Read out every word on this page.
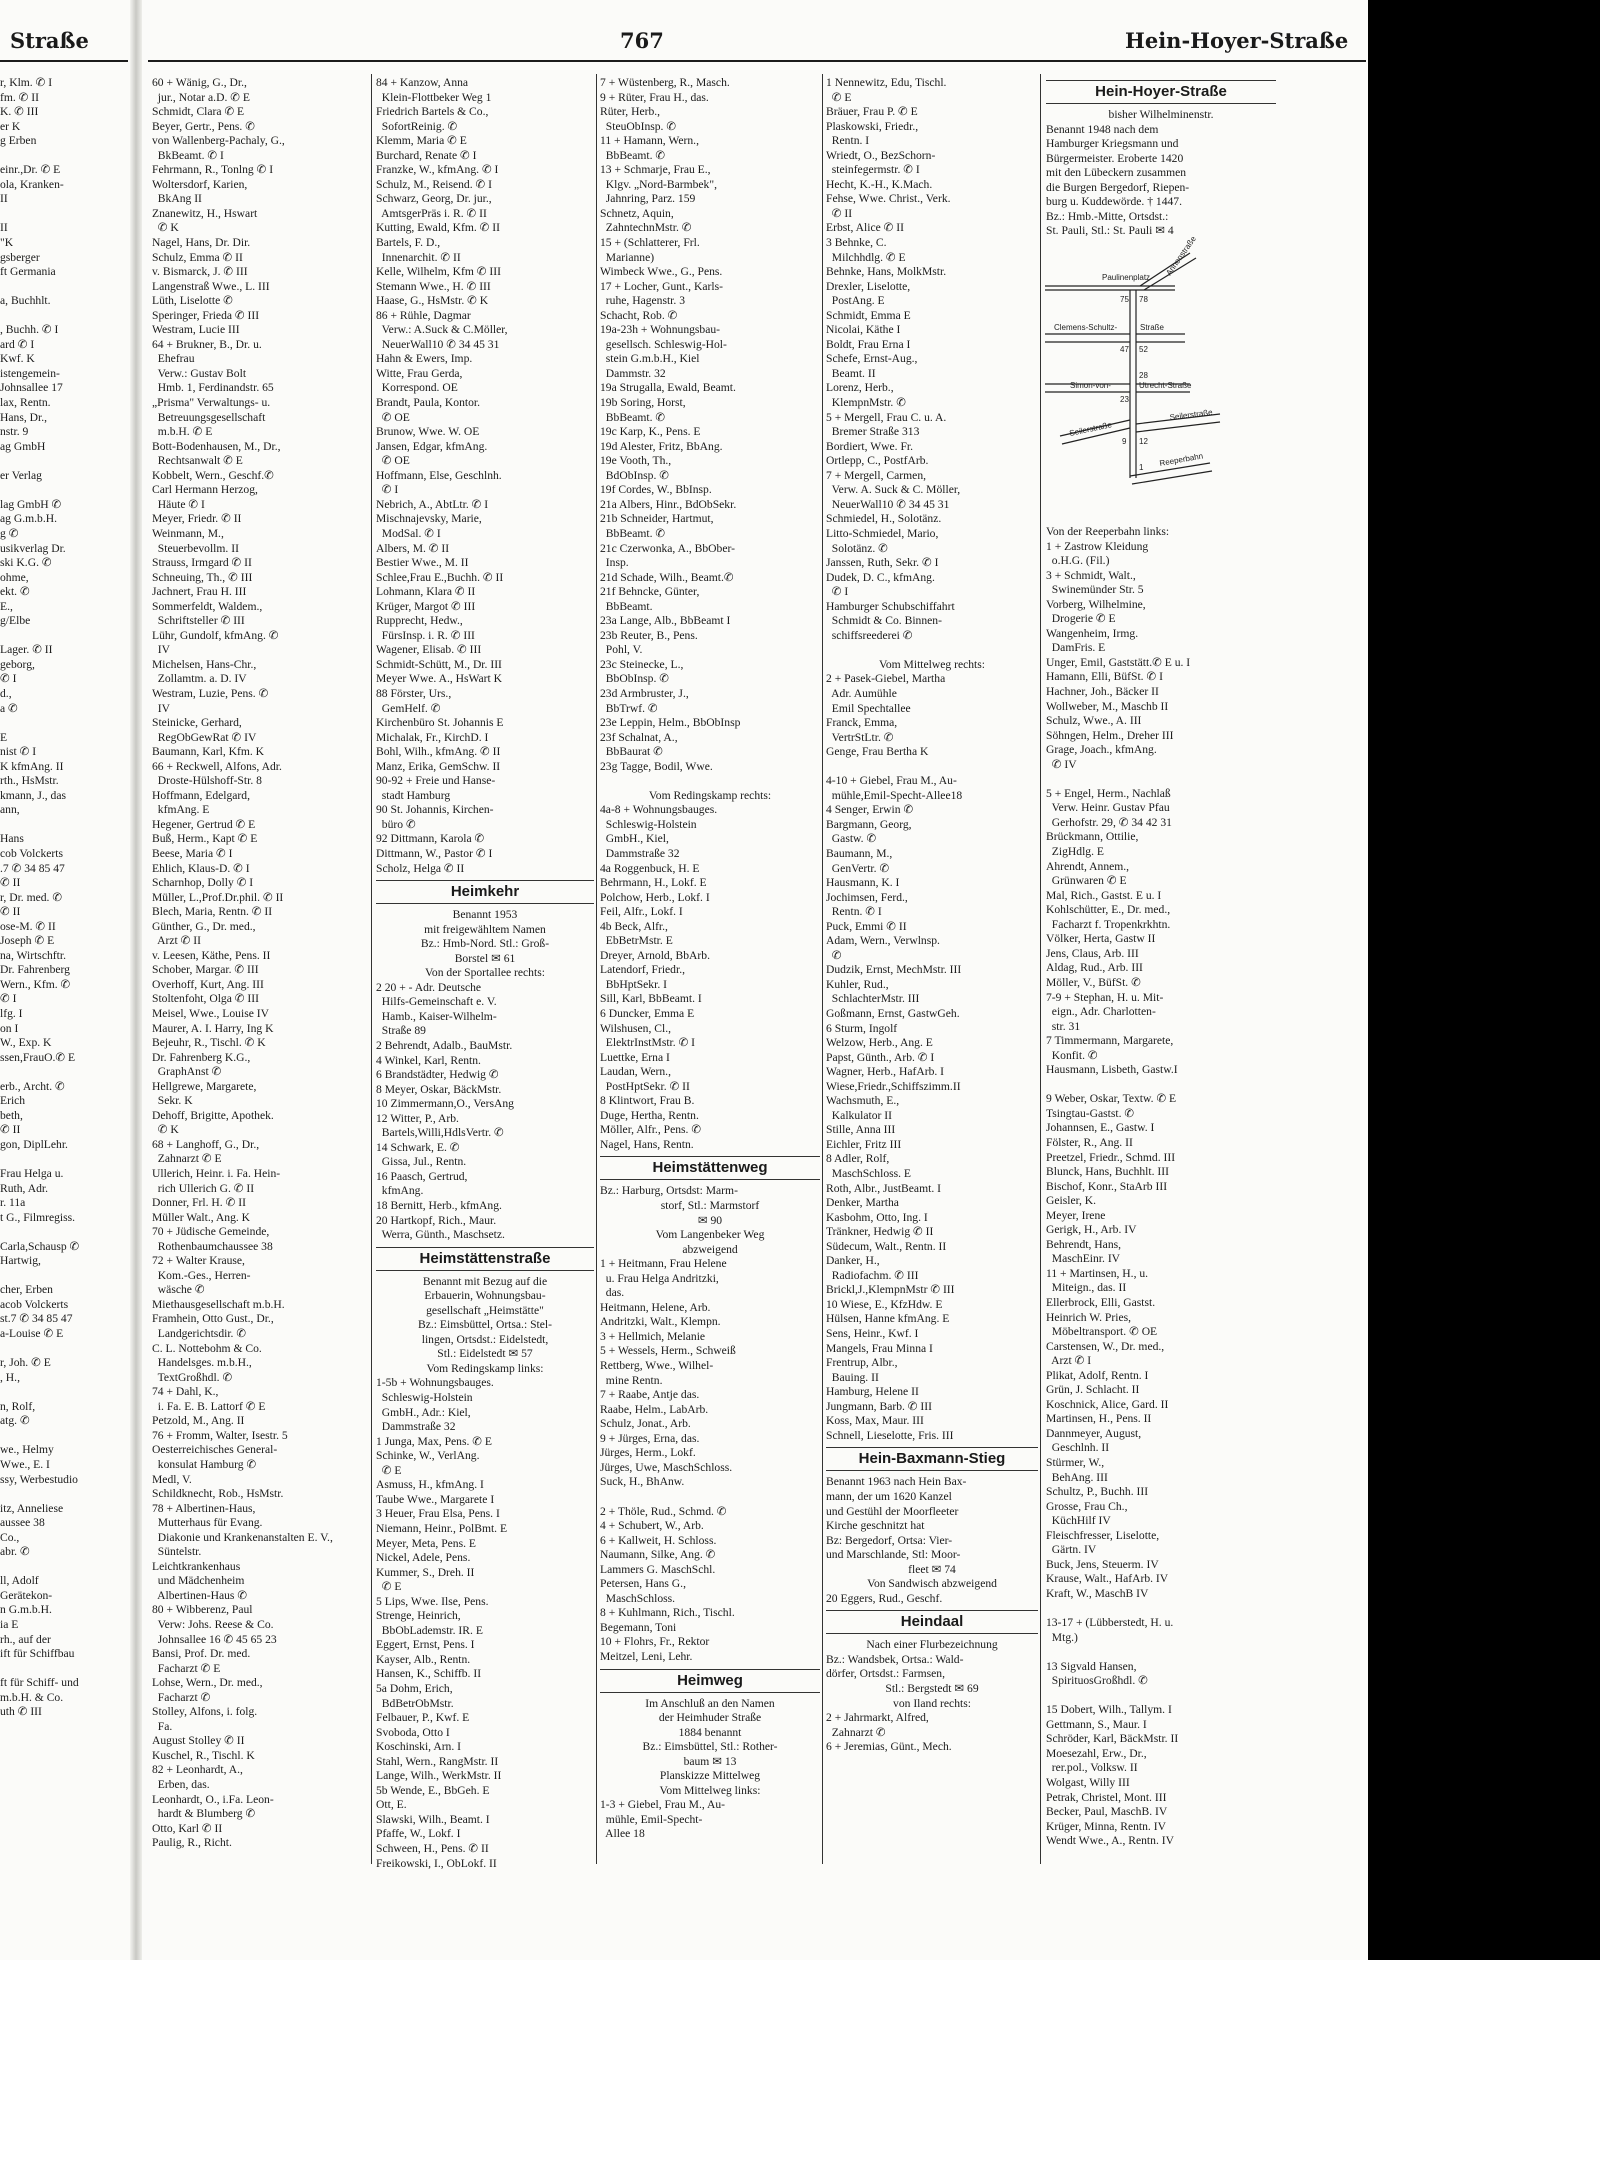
Straße	767	Hein-Hoyer-Straße
r, Klm. ✆ I
fm. ✆ II
K. ✆ III
er K
g Erben
einr.,Dr. ✆ E
ola, Kranken-
II
II
"K
gsberger
ft Germania
a, Buchhlt.
, Buchh. ✆ I
ard ✆ I
Kwf. K
istengemein-
Johnsallee 17
lax, Rentn.
Hans, Dr.,
nstr. 9
ag GmbH
er Verlag
lag GmbH ✆
ag G.m.b.H.
g ✆
usikverlag Dr.
ski K.G. ✆
ohme,
ekt. ✆
E.,
g/Elbe
Lager. ✆ II
geborg,
✆ I
d.,
a ✆
E
nist ✆ I
K kfmAng. II
rth., HsMstr.
kmann, J., das
ann,
Hans
cob Volckerts
.7 ✆ 34 85 47
✆ II
r, Dr. med. ✆
✆ II
ose-M. ✆ II
Joseph ✆ E
na, Wirtschftr.
Dr. Fahrenberg
Wern., Kfm. ✆
✆ I
lfg. I
on I
W., Exp. K
ssen,FrauO.✆ E
erb., Archt. ✆
Erich
beth,
✆ II
gon, DiplLehr.
Frau Helga u.
Ruth, Adr.
r. 11a
t G., Filmregiss.
Carla,Schausp ✆
Hartwig,
cher, Erben
acob Volckerts
st.7 ✆ 34 85 47
a-Louise ✆ E
r, Joh. ✆ E
, H.,
n, Rolf,
atg. ✆
we., Helmy
Wwe., E. I
ssy, Werbestudio
itz, Anneliese
aussee 38
Co.,
abr. ✆
ll, Adolf
Gerätekon-
n G.m.b.H.
ia E
rh., auf der
ift für Schiffbau
ft für Schiff- und
m.b.H. & Co.
uth ✆ III
60 + Wänig, G., Dr.,
jur., Notar a.D. ✆ E
Schmidt, Clara ✆ E
Beyer, Gertr., Pens. ✆
von Wallenberg-Pachaly, G.,
BkBeamt. ✆ I
Fehrmann, R., Tonlng ✆ I
Woltersdorf, Karien,
BkAng II
Znanewitz, H., Hswart
✆ K
Nagel, Hans, Dr. Dir.
Schulz, Emma ✆ II
v. Bismarck, J. ✆ III
Langenstraß Wwe., L. III
Lüth, Liselotte ✆
Speringer, Frieda ✆ III
Westram, Lucie III
64 + Brukner, B., Dr. u.
Ehefrau
Verw.: Gustav Bolt
Hmb. 1, Ferdinandstr. 65
„Prisma" Verwaltungs- u.
Betreuungsgesellschaft
m.b.H. ✆ E
Bott-Bodenhausen, M., Dr.,
Rechtsanwalt ✆ E
Kobbelt, Wern., Geschf.✆
Carl Hermann Herzog,
Häute ✆ I
Meyer, Friedr. ✆ II
Weinmann, M.,
Steuerbevollm. II
Strauss, Irmgard ✆ II
Schneuing, Th., ✆ III
Jachnert, Frau H. III
Sommerfeldt, Waldem.,
Schriftsteller ✆ III
Lühr, Gundolf, kfmAng. ✆
IV
Michelsen, Hans-Chr.,
Zollamtm. a. D. IV
Westram, Luzie, Pens. ✆
IV
Steinicke, Gerhard,
RegObGewRat ✆ IV
Baumann, Karl, Kfm. K
66 + Reckwell, Alfons, Adr.
Droste-Hülshoff-Str. 8
Hoffmann, Edelgard,
kfmAng. E
Hegener, Gertrud ✆ E
Buß, Herm., Kapt ✆ E
Beese, Maria ✆ I
Ehlich, Klaus-D. ✆ I
Scharnhop, Dolly ✆ I
Müller, L.,Prof.Dr.phil. ✆ II
Blech, Maria, Rentn. ✆ II
Günther, G., Dr. med.,
Arzt ✆ II
v. Leesen, Käthe, Pens. II
Schober, Margar. ✆ III
Overhoff, Kurt, Ang. III
Stoltenfoht, Olga ✆ III
Meisel, Wwe., Louise IV
Maurer, A. I. Harry, Ing K
Bejeuhr, R., Tischl. ✆ K
Dr. Fahrenberg K.G.,
GraphAnst ✆
Hellgrewe, Margarete,
Sekr. K
Dehoff, Brigitte, Apothek.
✆ K
68 + Langhoff, G., Dr.,
Zahnarzt ✆ E
Ullerich, Heinr. i. Fa. Hein-
rich Ullerich G. ✆ II
Donner, Frl. H. ✆ II
Müller Walt., Ang. K
70 + Jüdische Gemeinde,
Rothenbaumchaussee 38
72 + Walter Krause,
Kom.-Ges., Herren-
wäsche ✆
Miethausgesellschaft m.b.H.
Framhein, Otto Gust., Dr.,
Landgerichtsdir. ✆
C. L. Nottebohm & Co.
Handelsges. m.b.H.,
TextGroßhdl. ✆
74 + Dahl, K.,
i. Fa. E. B. Lattorf ✆ E
Petzold, M., Ang. II
76 + Fromm, Walter, Isestr. 5
Oesterreichisches General-
konsulat Hamburg ✆
Medl, V.
Schildknecht, Rob., HsMstr.
78 + Albertinen-Haus,
Mutterhaus für Evang.
Diakonie und Krankenanstalten E. V.,
Süntelstr.
Leichtkrankenhaus
und Mädchenheim
Albertinen-Haus ✆
80 + Wibberenz, Paul
Verw: Johs. Reese & Co.
Johnsallee 16 ✆ 45 65 23
Bansi, Prof. Dr. med.
Facharzt ✆ E
Lohse, Wern., Dr. med.,
Facharzt ✆
Stolley, Alfons, i. folg.
Fa.
August Stolley ✆ II
Kuschel, R., Tischl. K
82 + Leonhardt, A.,
Erben, das.
Leonhardt, O., i.Fa. Leon-
hardt & Blumberg ✆
Otto, Karl ✆ II
Paulig, R., Richt.
84 + Kanzow, Anna
Klein-Flottbeker Weg 1
Friedrich Bartels & Co.,
SofortReinig. ✆
Klemm, Maria ✆ E
Burchard, Renate ✆ I
Franzke, W., kfmAng. ✆ I
Schulz, M., Reisend. ✆ I
Schwarz, Georg, Dr. jur.,
AmtsgerPräs i. R. ✆ II
Kutting, Ewald, Kfm. ✆ II
Bartels, F. D.,
Innenarchit. ✆ II
Kelle, Wilhelm, Kfm ✆ III
Stemann Wwe., H. ✆ III
Haase, G., HsMstr. ✆ K
86 + Rühle, Dagmar
Verw.: A.Suck & C.Möller,
NeuerWall10 ✆ 34 45 31
Hahn & Ewers, Imp.
Witte, Frau Gerda,
Korrespond. OE
Brandt, Paula, Kontor.
✆ OE
Brunow, Wwe. W. OE
Jansen, Edgar, kfmAng.
✆ OE
Hoffmann, Else, Geschlnh.
✆ I
Nebrich, A., AbtLtr. ✆ I
Mischnajevsky, Marie,
ModSal. ✆ I
Albers, M. ✆ II
Bestier Wwe., M. II
Schlee,Frau E.,Buchh. ✆ II
Lohmann, Klara ✆ II
Krüger, Margot ✆ III
Rupprecht, Hedw.,
FürsInsp. i. R. ✆ III
Wagener, Elisab. ✆ III
Schmidt-Schütt, M., Dr. III
Meyer Wwe. A., HsWart K
88 Förster, Urs.,
GemHelf. ✆
Kirchenbüro St. Johannis E
Michalak, Fr., KirchD. I
Bohl, Wilh., kfmAng. ✆ II
Manz, Erika, GemSchw. II
90-92 + Freie und Hanse-
stadt Hamburg
90 St. Johannis, Kirchen-
büro ✆
92 Dittmann, Karola ✆
Dittmann, W., Pastor ✆ I
Scholz, Helga ✆ II
Heimkehr
Benannt 1953
mit freigewähltem Namen
Bz.: Hmb-Nord. Stl.: Groß-
Borstel ✉ 61
Von der Sportallee rechts:
2 20 + - Adr. Deutsche
Hilfs-Gemeinschaft e. V.
Hamb., Kaiser-Wilhelm-
Straße 89
2 Behrendt, Adalb., BauMstr.
4 Winkel, Karl, Rentn.
6 Brandstädter, Hedwig ✆
8 Meyer, Oskar, BäckMstr.
10 Zimmermann,O., VersAng
12 Witter, P., Arb.
Bartels,Willi,HdlsVertr. ✆
14 Schwark, E. ✆
Gissa, Jul., Rentn.
16 Paasch, Gertrud,
kfmAng.
18 Bernitt, Herb., kfmAng.
20 Hartkopf, Rich., Maur.
Werra, Günth., Maschsetz.
Heimstättenstraße
Benannt mit Bezug auf die
Erbauerin, Wohnungsbau-
gesellschaft „Heimstätte"
Bz.: Eimsbüttel, Ortsa.: Stel-
lingen, Ortsdst.: Eidelstedt,
Stl.: Eidelstedt ✉ 57
Vom Redingskamp links:
1-5b + Wohnungsbauges.
Schleswig-Holstein
GmbH., Adr.: Kiel,
Dammstraße 32
1 Junga, Max, Pens. ✆ E
Schinke, W., VerlAng.
✆ E
Asmuss, H., kfmAng. I
Taube Wwe., Margarete I
3 Heuer, Frau Elsa, Pens. I
Niemann, Heinr., PolBmt. E
Meyer, Meta, Pens. E
Nickel, Adele, Pens.
Kummer, S., Dreh. II
✆ E
5 Lips, Wwe. Ilse, Pens.
Strenge, Heinrich,
BbObLademstr. IR. E
Eggert, Ernst, Pens. I
Kayser, Alb., Rentn.
Hansen, K., Schiffb. II
5a Dohm, Erich,
BdBetrObMstr.
Felbauer, P., Kwf. E
Svoboda, Otto I
Koschinski, Arn. I
Stahl, Wern., RangMstr. II
Lange, Wilh., WerkMstr. II
5b Wende, E., BbGeh. E
Ott, E.
Slawski, Wilh., Beamt. I
Pfaffe, W., Lokf. I
Schween, H., Pens. ✆ II
Freikowski, I., ObLokf. II
7 + Wüstenberg, R., Masch.
9 + Rüter, Frau H., das.
Rüter, Herb.,
SteuObInsp. ✆
11 + Hamann, Wern.,
BbBeamt. ✆
13 + Schmarje, Frau E.,
Klgv. „Nord-Barmbek",
Jahnring, Parz. 159
Schnetz, Aquin,
ZahntechnMstr. ✆
15 + (Schlatterer, Frl.
Marianne)
Wimbeck Wwe., G., Pens.
17 + Locher, Gunt., Karls-
ruhe, Hagenstr. 3
Schacht, Rob. ✆
19a-23h + Wohnungsbau-
gesellsch. Schleswig-Hol-
stein G.m.b.H., Kiel
Dammstr. 32
19a Strugalla, Ewald, Beamt.
19b Soring, Horst,
BbBeamt. ✆
19c Karp, K., Pens. E
19d Alester, Fritz, BbAng.
19e Vooth, Th.,
BdObInsp. ✆
19f Cordes, W., BbInsp.
21a Albers, Hinr., BdObSekr.
21b Schneider, Hartmut,
BbBeamt. ✆
21c Czerwonka, A., BbOber-
Insp.
21d Schade, Wilh., Beamt.✆
21f Behncke, Günter,
BbBeamt.
23a Lange, Alb., BbBeamt I
23b Reuter, B., Pens.
Pohl, V.
23c Steinecke, L.,
BbObInsp. ✆
23d Armbruster, J.,
BbTrwf. ✆
23e Leppin, Helm., BbObInsp
23f Schalnat, A.,
BbBaurat ✆
23g Tagge, Bodil, Wwe.
Vom Redingskamp rechts:
4a-8 + Wohnungsbauges.
Schleswig-Holstein
GmbH., Kiel,
Dammstraße 32
4a Roggenbuck, H. E
Behrmann, H., Lokf. E
Polchow, Herb., Lokf. I
Feil, Alfr., Lokf. I
4b Beck, Alfr.,
EbBetrMstr. E
Dreyer, Arnold, BbArb.
Latendorf, Friedr.,
BbHptSekr. I
Sill, Karl, BbBeamt. I
6 Duncker, Emma E
Wilshusen, Cl.,
ElektrInstMstr. ✆ I
Luettke, Erna I
Laudan, Wern.,
PostHptSekr. ✆ II
8 Klintwort, Frau B.
Duge, Hertha, Rentn.
Möller, Alfr., Pens. ✆
Nagel, Hans, Rentn.
Heimstättenweg
Bz.: Harburg, Ortsdst: Marm-
storf, Stl.: Marmstorf
✉ 90
Vom Langenbeker Weg
abzweigend
1 + Heitmann, Frau Helene
u. Frau Helga Andritzki,
das.
Heitmann, Helene, Arb.
Andritzki, Walt., Klempn.
3 + Hellmich, Melanie
5 + Wessels, Herm., Schweiß
Rettberg, Wwe., Wilhel-
mine Rentn.
7 + Raabe, Antje das.
Raabe, Helm., LabArb.
Schulz, Jonat., Arb.
9 + Jürges, Erna, das.
Jürges, Herm., Lokf.
Jürges, Uwe, MaschSchloss.
Suck, H., BhAnw.
2 + Thöle, Rud., Schmd. ✆
4 + Schubert, W., Arb.
6 + Kallweit, H. Schloss.
Naumann, Silke, Ang. ✆
Lammers G. MaschSchl.
Petersen, Hans G.,
MaschSchloss.
8 + Kuhlmann, Rich., Tischl.
Begemann, Toni
10 + Flohrs, Fr., Rektor
Meitzel, Leni, Lehr.
Heimweg
Im Anschluß an den Namen
der Heimhuder Straße
1884 benannt
Bz.: Eimsbüttel, Stl.: Rother-
baum ✉ 13
Planskizze Mittelweg
Vom Mittelweg links:
1-3 + Giebel, Frau M., Au-
mühle, Emil-Specht-
Allee 18
1 Nennewitz, Edu, Tischl.
✆ E
Bräuer, Frau P. ✆ E
Plaskowski, Friedr.,
Rentn. I
Wriedt, O., BezSchorn-
steinfegermstr. ✆ I
Hecht, K.-H., K.Mach.
Fehse, Wwe. Christ., Verk.
✆ II
Erbst, Alice ✆ II
3 Behnke, C.
Milchhdlg. ✆ E
Behnke, Hans, MolkMstr.
Drexler, Liselotte,
PostAng. E
Schmidt, Emma E
Nicolai, Käthe I
Boldt, Frau Erna I
Schefe, Ernst-Aug.,
Beamt. II
Lorenz, Herb.,
KlempnMstr. ✆
5 + Mergell, Frau C. u. A.
Bremer Straße 313
Bordiert, Wwe. Fr.
Ortlepp, C., PostfArb.
7 + Mergell, Carmen,
Verw. A. Suck & C. Möller,
NeuerWall10 ✆ 34 45 31
Schmiedel, H., Solotänz.
Litto-Schmiedel, Mario,
Solotänz. ✆
Janssen, Ruth, Sekr. ✆ I
Dudek, D. C., kfmAng.
✆ I
Hamburger Schubschiffahrt
Schmidt & Co. Binnen-
schiffsreederei ✆
Vom Mittelweg rechts:
2 + Pasek-Giebel, Martha
Adr. Aumühle
Emil Spechtallee
Franck, Emma,
VertrStLtr. ✆
Genge, Frau Bertha K
4-10 + Giebel, Frau M., Au-
mühle,Emil-Specht-Allee18
4 Senger, Erwin ✆
Bargmann, Georg,
Gastw. ✆
Baumann, M.,
GenVertr. ✆
Hausmann, K. I
Jochimsen, Ferd.,
Rentn. ✆ I
Puck, Emmi ✆ II
Adam, Wern., Verwlnsp.
✆
Dudzik, Ernst, MechMstr. III
Kuhler, Rud.,
SchlachterMstr. III
Goßmann, Ernst, GastwGeh.
6 Sturm, Ingolf
Welzow, Herb., Ang. E
Papst, Günth., Arb. ✆ I
Wagner, Herb., HafArb. I
Wiese,Friedr.,Schiffszimm.II
Wachsmuth, E.,
Kalkulator II
Stille, Anna III
Eichler, Fritz III
8 Adler, Rolf,
MaschSchloss. E
Roth, Albr., JustBeamt. I
Denker, Martha
Kasbohm, Otto, Ing. I
Tränkner, Hedwig ✆ II
Südecum, Walt., Rentn. II
Danker, H.,
Radiofachm. ✆ III
Brickl,J.,KlempnMstr ✆ III
10 Wiese, E., KfzHdw. E
Hülsen, Hanne kfmAng. E
Sens, Heinr., Kwf. I
Mangels, Frau Minna I
Frentrup, Albr.,
Bauing. II
Hamburg, Helene II
Jungmann, Barb. ✆ III
Koss, Max, Maur. III
Schnell, Lieselotte, Fris. III
Hein-Baxmann-Stieg
Benannt 1963 nach Hein Bax-
mann, der um 1620 Kanzel
und Gestühl der Moorfleeter
Kirche geschnitzt hat
Bz: Bergedorf, Ortsa: Vier-
und Marschlande, Stl: Moor-
fleet ✉ 74
Von Sandwisch abzweigend
20 Eggers, Rud., Geschf.
Heindaal
Nach einer Flurbezeichnung
Bz.: Wandsbek, Ortsa.: Wald-
dörfer, Ortsdst.: Farmsen,
Stl.: Bergstedt ✉ 69
von Iland rechts:
2 + Jahrmarkt, Alfred,
Zahnarzt ✆
6 + Jeremias, Günt., Mech.
Hein-Hoyer-Straße
bisher Wilhelminenstr.
Benannt 1948 nach dem
Hamburger Kriegsmann und
Bürgermeister. Eroberte 1420
mit den Lübeckern zusammen
die Burgen Bergedorf, Riepen-
burg u. Kuddewörde. † 1447.
Bz.: Hmb.-Mitte, Ortsdst.:
St. Pauli, Stl.: St. Pauli ✉ 4
Von der Reeperbahn links:
1 + Zastrow Kleidung
o.H.G. (Fil.)
3 + Schmidt, Walt.,
Swinemünder Str. 5
Vorberg, Wilhelmine,
Drogerie ✆ E
Wangenheim, Irmg.
DamFris. E
Unger, Emil, Gaststätt.✆ E u. I
Hamann, Elli, BüfSt. ✆ I
Hachner, Joh., Bäcker II
Wollweber, M., Maschb II
Schulz, Wwe., A. III
Söhngen, Helm., Dreher III
Grage, Joach., kfmAng.
✆ IV
5 + Engel, Herm., Nachlaß
Verw. Heinr. Gustav Pfau
Gerhofstr. 29, ✆ 34 42 31
Brückmann, Ottilie,
ZigHdlg. E
Ahrendt, Annem.,
Grünwaren ✆ E
Mal, Rich., Gastst. E u. I
Kohlschütter, E., Dr. med.,
Facharzt f. Tropenkrkhtn.
Völker, Herta, Gastw II
Jens, Claus, Arb. III
Aldag, Rud., Arb. III
Möller, V., BüfSt. ✆
7-9 + Stephan, H. u. Mit-
eign., Adr. Charlotten-
str. 31
7 Timmermann, Margarete,
Konfit. ✆
Hausmann, Lisbeth, Gastw.I
9 Weber, Oskar, Textw. ✆ E
Tsingtau-Gastst. ✆
Johannsen, E., Gastw. I
Fölster, R., Ang. II
Preetzel, Friedr., Schmd. III
Blunck, Hans, Buchhlt. III
Bischof, Konr., StaArb III
Geisler, K.
Meyer, Irene
Gerigk, H., Arb. IV
Behrendt, Hans,
MaschEinr. IV
11 + Martinsen, H., u.
Miteign., das. II
Ellerbrock, Elli, Gastst.
Heinrich W. Pries,
Möbeltransport. ✆ OE
Carstensen, W., Dr. med.,
Arzt ✆ I
Plikat, Adolf, Rentn. I
Grün, J. Schlacht. II
Koschnick, Alice, Gard. II
Martinsen, H., Pens. II
Dannmeyer, August,
Geschlnh. II
Stürmer, W.,
BehAng. III
Schultz, P., Buchh. III
Grosse, Frau Ch.,
KüchHilf IV
Fleischfresser, Liselotte,
Gärtn. IV
Buck, Jens, Steuerm. IV
Krause, Walt., HafArb. IV
Kraft, W., MaschB IV
13-17 + (Lübberstedt, H. u.
Mtg.)
13 Sigvald Hansen,
SpirituosGroßhdl. ✆
15 Dobert, Wilh., Tallym. I
Gettmann, S., Maur. I
Schröder, Karl, BäckMstr. II
Moesezahl, Erw., Dr.,
rer.pol., Volksw. II
Wolgast, Willy III
Petrak, Christel, Mont. III
Becker, Paul, MaschB. IV
Krüger, Minna, Rentn. IV
Wendt Wwe., A., Rentn. IV
Paulinenplatz
75 78
Annenstraße
Clemens-Schultz-	Straße
47 52
28
Simon-von-	Utrecht-Straße
23
Seilerstraße
Seilerstraße
9 12
1 Reeperbahn
